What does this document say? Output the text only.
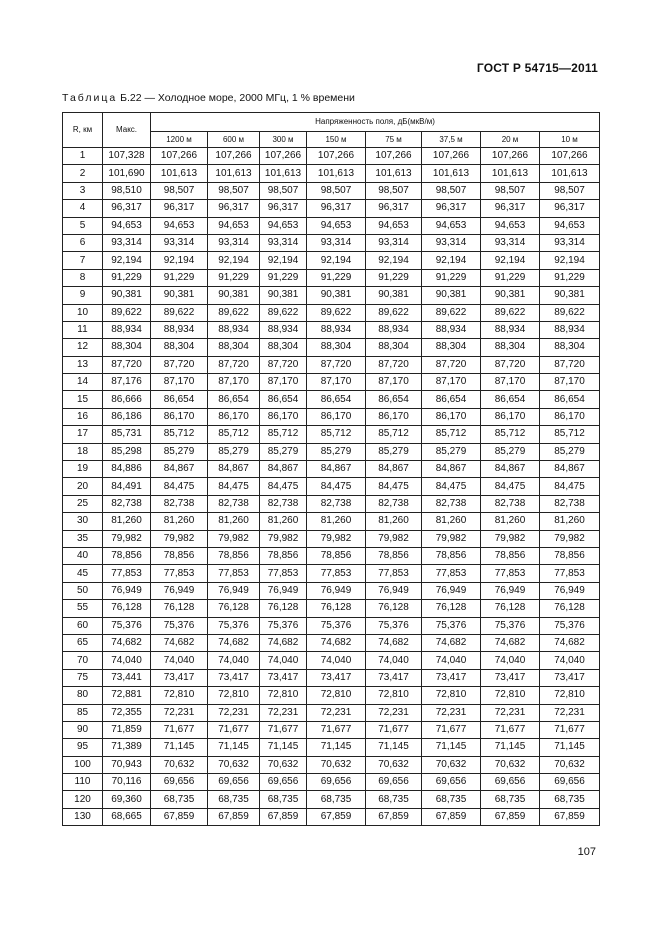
ГОСТ Р 54715—2011
Таблица Б.22 — Холодное море, 2000 МГц, 1 % времени
R, км	Макс.	Напряженность поля, дБ(мкВ/м)							
		1200 м	600 м	300 м	150 м	75 м	37,5 м	20 м	10 м
1	107,328	107,266	107,266	107,266	107,266	107,266	107,266	107,266	107,266
2	101,690	101,613	101,613	101,613	101,613	101,613	101,613	101,613	101,613
3	98,510	98,507	98,507	98,507	98,507	98,507	98,507	98,507	98,507
4	96,317	96,317	96,317	96,317	96,317	96,317	96,317	96,317	96,317
5	94,653	94,653	94,653	94,653	94,653	94,653	94,653	94,653	94,653
6	93,314	93,314	93,314	93,314	93,314	93,314	93,314	93,314	93,314
7	92,194	92,194	92,194	92,194	92,194	92,194	92,194	92,194	92,194
8	91,229	91,229	91,229	91,229	91,229	91,229	91,229	91,229	91,229
9	90,381	90,381	90,381	90,381	90,381	90,381	90,381	90,381	90,381
10	89,622	89,622	89,622	89,622	89,622	89,622	89,622	89,622	89,622
11	88,934	88,934	88,934	88,934	88,934	88,934	88,934	88,934	88,934
12	88,304	88,304	88,304	88,304	88,304	88,304	88,304	88,304	88,304
13	87,720	87,720	87,720	87,720	87,720	87,720	87,720	87,720	87,720
14	87,176	87,170	87,170	87,170	87,170	87,170	87,170	87,170	87,170
15	86,666	86,654	86,654	86,654	86,654	86,654	86,654	86,654	86,654
16	86,186	86,170	86,170	86,170	86,170	86,170	86,170	86,170	86,170
17	85,731	85,712	85,712	85,712	85,712	85,712	85,712	85,712	85,712
18	85,298	85,279	85,279	85,279	85,279	85,279	85,279	85,279	85,279
19	84,886	84,867	84,867	84,867	84,867	84,867	84,867	84,867	84,867
20	84,491	84,475	84,475	84,475	84,475	84,475	84,475	84,475	84,475
25	82,738	82,738	82,738	82,738	82,738	82,738	82,738	82,738	82,738
30	81,260	81,260	81,260	81,260	81,260	81,260	81,260	81,260	81,260
35	79,982	79,982	79,982	79,982	79,982	79,982	79,982	79,982	79,982
40	78,856	78,856	78,856	78,856	78,856	78,856	78,856	78,856	78,856
45	77,853	77,853	77,853	77,853	77,853	77,853	77,853	77,853	77,853
50	76,949	76,949	76,949	76,949	76,949	76,949	76,949	76,949	76,949
55	76,128	76,128	76,128	76,128	76,128	76,128	76,128	76,128	76,128
60	75,376	75,376	75,376	75,376	75,376	75,376	75,376	75,376	75,376
65	74,682	74,682	74,682	74,682	74,682	74,682	74,682	74,682	74,682
70	74,040	74,040	74,040	74,040	74,040	74,040	74,040	74,040	74,040
75	73,441	73,417	73,417	73,417	73,417	73,417	73,417	73,417	73,417
80	72,881	72,810	72,810	72,810	72,810	72,810	72,810	72,810	72,810
85	72,355	72,231	72,231	72,231	72,231	72,231	72,231	72,231	72,231
90	71,859	71,677	71,677	71,677	71,677	71,677	71,677	71,677	71,677
95	71,389	71,145	71,145	71,145	71,145	71,145	71,145	71,145	71,145
100	70,943	70,632	70,632	70,632	70,632	70,632	70,632	70,632	70,632
110	70,116	69,656	69,656	69,656	69,656	69,656	69,656	69,656	69,656
120	69,360	68,735	68,735	68,735	68,735	68,735	68,735	68,735	68,735
130	68,665	67,859	67,859	67,859	67,859	67,859	67,859	67,859	67,859
107
